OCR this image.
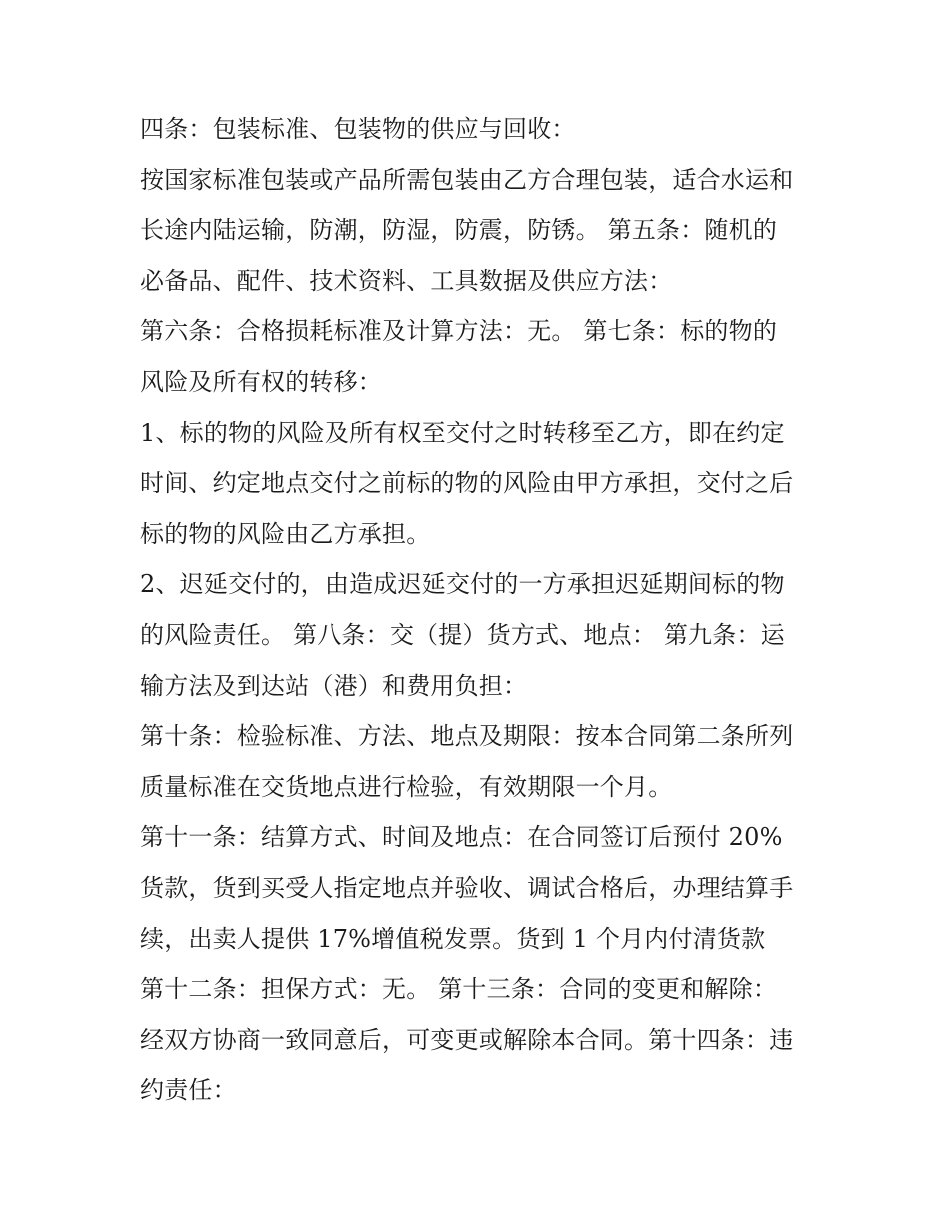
四条：包装标准、包装物的供应与回收：
按国家标准包装或产品所需包装由乙方合理包装，适合水运和
长途内陆运输，防潮，防湿，防震，防锈。 第五条：随机的
必备品、配件、技术资料、工具数据及供应方法：
第六条：合格损耗标准及计算方法：无。 第七条：标的物的
风险及所有权的转移：
1、标的物的风险及所有权至交付之时转移至乙方，即在约定
时间、约定地点交付之前标的物的风险由甲方承担，交付之后
标的物的风险由乙方承担。
2、迟延交付的，由造成迟延交付的一方承担迟延期间标的物
的风险责任。 第八条：交（提）货方式、地点： 第九条：运
输方法及到达站（港）和费用负担：
第十条：检验标准、方法、地点及期限：按本合同第二条所列
质量标准在交货地点进行检验，有效期限一个月。
第十一条：结算方式、时间及地点：在合同签订后预付 20%
货款，货到买受人指定地点并验收、调试合格后，办理结算手
续，出卖人提供 17%增值税发票。货到 1 个月内付清货款
第十二条：担保方式：无。 第十三条：合同的变更和解除：
经双方协商一致同意后，可变更或解除本合同。第十四条：违
约责任：
